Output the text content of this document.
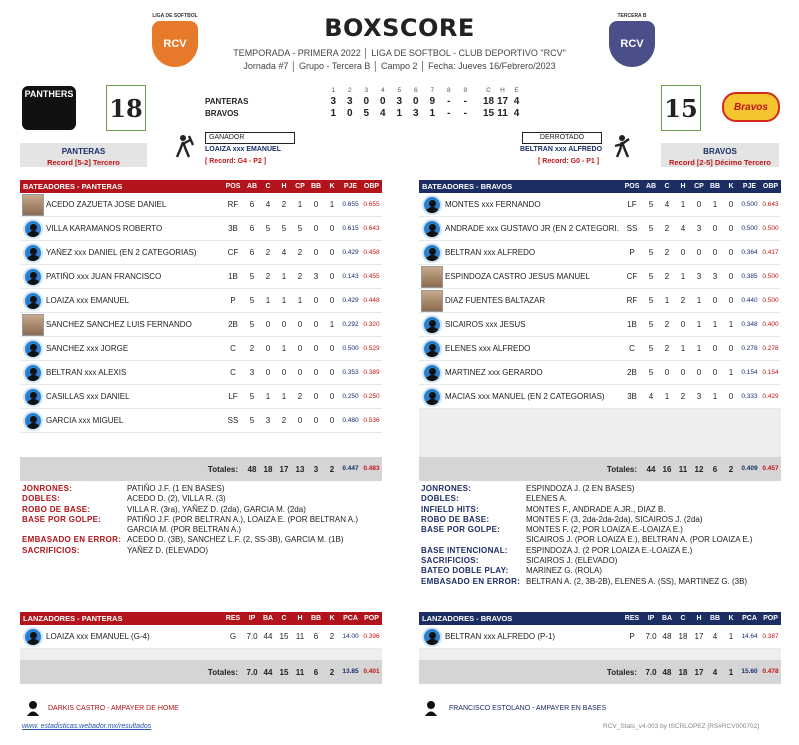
LIGA DE SOFTBOL
RCV
TERCERA B
RCV
BOXSCORE
TEMPORADA - PRIMERA 2022 │ LIGA DE SOFTBOL - CLUB DEPORTIVO "RCV"
Jornada #7 │ Grupo - Tercera B │ Campo 2 │ Fecha: Jueves 16/Febrero/2023
PANTHERS 18	15	Bravos
1	2	3	4	5	6	7	8	9	C	H	E
PANTERAS	3	3	0	0	3	0	9	-	-	18 17 4
BRAVOS	1	0	5	4	1	3	1	-	-	15 11 4
GANADOR
LOAIZA xxx EMANUEL
[ Record: G4 - P2 ]
DERROTADO
BELTRAN xxx ALFREDO
[ Record: G0 - P1 ]
PANTERAS
Record [5-2] Tercero
BRAVOS
Record [2-5] Décimo Tercero
BATEADORES - PANTERAS	POS AB	C	H	CP BB	K	PJE OBP
ACEDO ZAZUETA JOSE DANIEL	RF	6	4	2	1	0	1	0.655 0.655
VILLA KARAMANOS ROBERTO	3B	6	5	5	5	0	0	0.615 0.643
YAÑEZ xxx DANIEL (EN 2 CATEGORIAS)	CF	6	2	4	2	0	0	0.429 0.458
PATIÑO xxx JUAN FRANCISCO	1B	5	2	1	2	3	0	0.143 0.455
LOAIZA xxx EMANUEL	P	5	1	1	1	0	0	0.429 0.448
SANCHEZ SANCHEZ LUIS FERNANDO	2B	5	0	0	0	0	1	0.292 0.320
SANCHEZ xxx JORGE	C	2	0	1	0	0	0	0.500 0.529
BELTRAN xxx ALEXIS	C	3	0	0	0	0	0	0.353 0.389
CASILLAS xxx DANIEL	LF	5	1	1	2	0	0	0.250 0.250
GARCIA xxx MIGUEL	SS	5	3	2	0	0	0	0.480 0.536
Totales:	48 18 17 13	3	2	0.447 0.483
BATEADORES - BRAVOS	POS AB	C	H	CP BB	K	PJE OBP
MONTES xxx FERNANDO	LF	5	4	1	0	1	0	0.500 0.643
ANDRADE xxx GUSTAVO JR (EN 2 CATEGORI. SS	5	2	4	3	0	0	0.500 0.500
BELTRAN xxx ALFREDO	P	5	2	0	0	0	0	0.364 0.417
ESPINDOZA CASTRO JESUS MANUEL	CF	5	2	1	3	3	0	0.385 0.500
DIAZ FUENTES BALTAZAR	RF	5	1	2	1	0	0	0.440 0.500
SICAIROS xxx JESUS	1B	5	2	0	1	1	1	0.348 0.400
ELENES xxx ALFREDO	C	5	2	1	1	0	0	0.278 0.278
MARTINEZ xxx GERARDO	2B	5	0	0	0	0	1	0.154 0.154
MACIAS xxx MANUEL (EN 2 CATEGORIAS)	3B	4	1	2	3	1	0	0.333 0.429
Totales:	44 16 11 12	6	2	0.409 0.457
JONRONES:	PATIÑO J.F. (1 EN BASES)
DOBLES:	ACEDO D. (2), VILLA R. (3)
ROBO DE BASE:	VILLA R. (3ra), YAÑEZ D. (2da), GARCIA M. (2da)
BASE POR GOLPE:	PATIÑO J.F. (POR BELTRAN A.), LOAIZA E. (POR BELTRAN A.)
GARCIA M. (POR BELTRAN A.)
EMBASADO EN ERROR: ACEDO D. (3B), SANCHEZ L.F. (2, SS-3B), GARCIA M. (1B)
SACRIFICIOS:	YAÑEZ D. (ELEVADO)
JONRONES:	ESPINDOZA J. (2 EN BASES)
DOBLES:	ELENES A.
INFIELD HITS:	MONTES F., ANDRADE A.JR., DIAZ B.
ROBO DE BASE:	MONTES F. (3, 2da-2da-2da), SICAIROS J. (2da)
BASE POR GOLPE:	MONTES F. (2, POR LOAIZA E.-LOAIZA E.)
SICAIROS J. (POR LOAIZA E.), BELTRAN A. (POR LOAIZA E.)
BASE INTENCIONAL:	ESPINDOZA J. (2 POR LOAIZA E.-LOAIZA E.)
SACRIFICIOS:	SICAIROS J. (ELEVADO)
BATEO DOBLE PLAY:	MARINEZ G. (ROLA)
EMBASADO EN ERROR: BELTRAN A. (2, 3B-2B), ELENES A. (SS), MARTINEZ G. (3B)
LANZADORES - PANTERAS	RES	IP	BA	C	H	BB	K	PCA POP
LOAIZA xxx EMANUEL (G-4)	G	7.0 44 15 11	6	2	14.00 0.396
Totales:	7.0 44 15 11	6	2	13.85 0.401
LANZADORES - BRAVOS	RES	IP	BA	C	H	BB	K	PCA POP
BELTRAN xxx ALFREDO (P-1)	P	7.0 48 18 17	4	1	14.64 0.387
Totales:	7.0 48 18 17	4	1	15.60 0.478
DARKIS CASTRO - AMPAYER DE HOME	FRANCISCO ESTOLANO - AMPAYER EN BASES
www. estadisticas.webador.mx/resultados	RCV_Stats_v4.003 by ISCRLOPEZ [RS#RCV000702]
